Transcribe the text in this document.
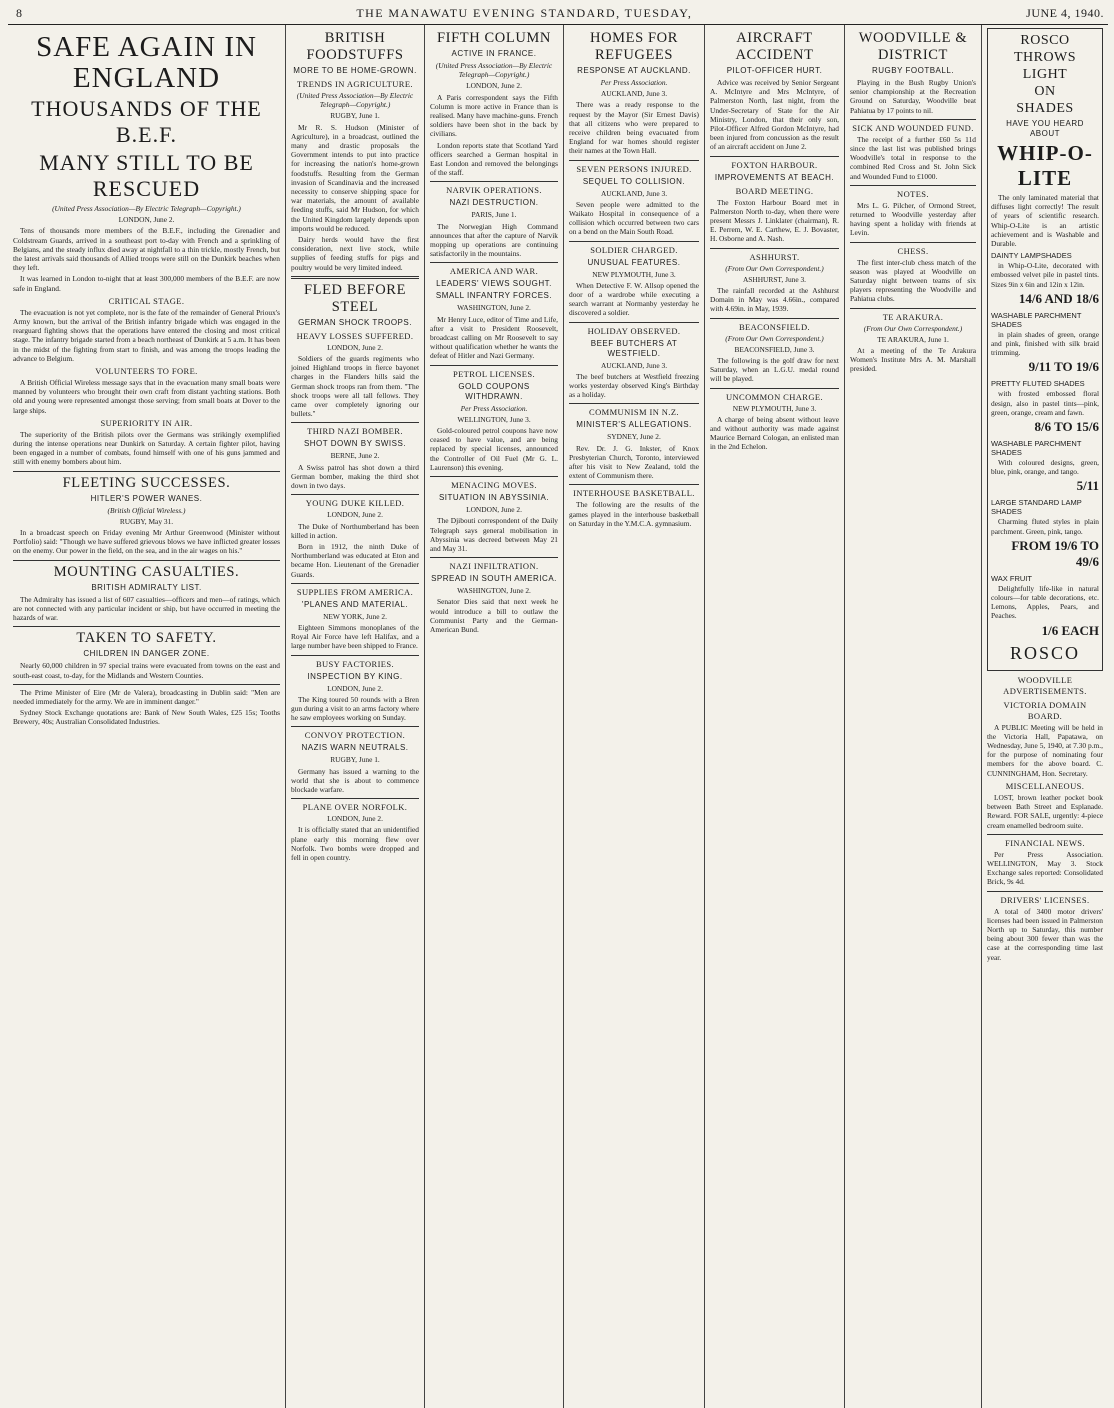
8	THE MANAWATU EVENING STANDARD, TUESDAY,	JUNE 4, 1940.
SAFE AGAIN IN ENGLAND
THOUSANDS OF THE B.E.F.
MANY STILL TO BE RESCUED

(United Press Association—By Electric Telegraph—Copyright.)

LONDON, June 2.

Tens of thousands more members of the B.E.F., including the Grenadier and Coldstream Guards, arrived in a southeast port to-day with French and a sprinkling of Belgians, and the steady influx died away at nightfall to a thin trickle, mostly French, but the latest arrivals said thousands of Allied troops were still on the Dunkirk beaches when they left.

It was learned in London to-night that at least 300,000 members of the B.E.F. are now safe in England.

CRITICAL STAGE.

The evacuation is not yet complete, nor is the fate of the remainder of General Prioux's Army known, but the arrival of the British infantry brigade which was engaged in the rearguard fighting shows that the operations have entered the closing and most critical stage. The infantry brigade started from a beach northeast of Dunkirk at 5 a.m. It has been in the midst of the fighting from start to finish, and was among the troops leading the advance to Belgium.

VOLUNTEERS TO FORE.

A British Official Wireless message says that in the evacuation many small boats were manned by volunteers who brought their own craft from distant yachting stations. Both old and young were represented amongst those serving; from small boats at Dover to the large ships.

SUPERIORITY IN AIR.

The superiority of the British pilots over the Germans was strikingly exemplified during the intense operations near Dunkirk on Saturday. A certain fighter pilot, having been engaged in a number of combats, found himself with one of his guns jammed and still with enemy bombers about him.

FLEETING SUCCESSES.
HITLER'S POWER WANES.

(British Official Wireless.)

RUGBY, May 31.

In a broadcast speech on Friday evening Mr Arthur Greenwood (Minister without Portfolio) said: "Though we have suffered grievous blows we have inflicted greater losses on the enemy. Our power in the field, on the sea, and in the air wages on his."

MOUNTING CASUALTIES.
BRITISH ADMIRALTY LIST.

The Admiralty has issued a list of 607 casualties—officers and men—of ratings, which are not connected with any particular incident or ship, but have occurred in meeting the hazards of war.

TAKEN TO SAFETY.
CHILDREN IN DANGER ZONE.

Nearly 60,000 children in 97 special trains were evacuated from towns on the east and south-east coast, to-day, for the Midlands and Western Counties.

The Prime Minister of Eire (Mr de Valera), broadcasting in Dublin said: "Men are needed immediately for the army. We are in imminent danger."

Sydney Stock Exchange quotations are: Bank of New South Wales, £25 15s; Tooths Brewery, 40s; Australian Consolidated Industries.

BRITISH FOODSTUFFS
MORE TO BE HOME-GROWN.
TRENDS IN AGRICULTURE.

(United Press Association—By Electric Telegraph—Copyright.)

RUGBY, June 1.

Mr R. S. Hudson (Minister of Agriculture), in a broadcast, outlined the many and drastic proposals the Government intends to put into practice for increasing the nation's home-grown foodstuffs. Resulting from the German invasion of Scandinavia and the increased necessity to conserve shipping space for war materials, the amount of available feeding stuffs, said Mr Hudson, for which the United Kingdom largely depends upon imports would be reduced.

Dairy herds would have the first consideration, next live stock, while supplies of feeding stuffs for pigs and poultry would be very limited indeed.

FLED BEFORE STEEL
GERMAN SHOCK TROOPS.
HEAVY LOSSES SUFFERED.

LONDON, June 2.

Soldiers of the guards regiments who joined Highland troops in fierce bayonet charges in the Flanders hills said the German shock troops ran from them. "The shock troops were all tall fellows. They came over completely ignoring our bullets."

THIRD NAZI BOMBER.
SHOT DOWN BY SWISS.

BERNE, June 2.

A Swiss patrol has shot down a third German bomber, making the third shot down in two days.

YOUNG DUKE KILLED.

LONDON, June 2.

The Duke of Northumberland has been killed in action.

Born in 1912, the ninth Duke of Northumberland was educated at Eton and became Hon. Lieutenant of the Grenadier Guards.

SUPPLIES FROM AMERICA.
'PLANES AND MATERIAL.

NEW YORK, June 2.

Eighteen Simmons monoplanes of the Royal Air Force have left Halifax, and a large number have been shipped to France.

BUSY FACTORIES.
INSPECTION BY KING.

LONDON, June 2.

The King toured 50 rounds with a Bren gun during a visit to an arms factory where he saw employees working on Sunday.

CONVOY PROTECTION.
NAZIS WARN NEUTRALS.

RUGBY, June 1.

Germany has issued a warning to the world that she is about to commence blockade warfare.

PLANE OVER NORFOLK.

LONDON, June 2.

It is officially stated that an unidentified plane early this morning flew over Norfolk. Two bombs were dropped and fell in open country.

FIFTH COLUMN
ACTIVE IN FRANCE.

(United Press Association—By Electric Telegraph—Copyright.)

LONDON, June 2.

A Paris correspondent says the Fifth Column is more active in France than is realised. Many have machine-guns. French soldiers have been shot in the back by civilians.

London reports state that Scotland Yard officers searched a German hospital in East London and removed the belongings of the staff.

NARVIK OPERATIONS.
NAZI DESTRUCTION.

PARIS, June 1.

The Norwegian High Command announces that after the capture of Narvik mopping up operations are continuing satisfactorily in the mountains.

AMERICA AND WAR.
LEADERS' VIEWS SOUGHT.
SMALL INFANTRY FORCES.

WASHINGTON, June 2.

Mr Henry Luce, editor of Time and Life, after a visit to President Roosevelt, broadcast calling on Mr Roosevelt to say without qualification whether he wants the defeat of Hitler and Nazi Germany.

PETROL LICENSES.
GOLD COUPONS WITHDRAWN.

Per Press Association.

WELLINGTON, June 3.

Gold-coloured petrol coupons have now ceased to have value, and are being replaced by special licenses, announced the Controller of Oil Fuel (Mr G. L. Laurenson) this evening.

MENACING MOVES.
SITUATION IN ABYSSINIA.

LONDON, June 2.

The Djibouti correspondent of the Daily Telegraph says general mobilisation in Abyssinia was decreed between May 21 and May 31.

NAZI INFILTRATION.
SPREAD IN SOUTH AMERICA.

WASHINGTON, June 2.

Senator Dies said that next week he would introduce a bill to outlaw the Communist Party and the German-American Bund.

HOMES FOR REFUGEES
RESPONSE AT AUCKLAND.

Per Press Association.

AUCKLAND, June 3.

There was a ready response to the request by the Mayor (Sir Ernest Davis) that all citizens who were prepared to receive children being evacuated from England for war homes should register their names at the Town Hall.

SEVEN PERSONS INJURED.
SEQUEL TO COLLISION.

AUCKLAND, June 3.

Seven people were admitted to the Waikato Hospital in consequence of a collision which occurred between two cars on a bend on the Main South Road.

SOLDIER CHARGED.
UNUSUAL FEATURES.

NEW PLYMOUTH, June 3.

When Detective F. W. Allsop opened the door of a wardrobe while executing a search warrant at Normanby yesterday he discovered a soldier.

HOLIDAY OBSERVED.
BEEF BUTCHERS AT WESTFIELD.

AUCKLAND, June 3.

The beef butchers at Westfield freezing works yesterday observed King's Birthday as a holiday.

COMMUNISM IN N.Z.
MINISTER'S ALLEGATIONS.

SYDNEY, June 2.

Rev. Dr. J. G. Inkster, of Knox Presbyterian Church, Toronto, interviewed after his visit to New Zealand, told the extent of Communism there.

INTERHOUSE BASKETBALL.

The following are the results of the games played in the interhouse basketball on Saturday in the Y.M.C.A. gymnasium.

AIRCRAFT ACCIDENT
PILOT-OFFICER HURT.

Advice was received by Senior Sergeant A. McIntyre and Mrs McIntyre, of Palmerston North, last night, from the Under-Secretary of State for the Air Ministry, London, that their only son, Pilot-Officer Alfred Gordon McIntyre, had been injured from concussion as the result of an aircraft accident on June 2.

FOXTON HARBOUR.
IMPROVEMENTS AT BEACH.
BOARD MEETING.

The Foxton Harbour Board met in Palmerston North to-day, when there were present Messrs J. Linklater (chairman), R. E. Perrem, W. E. Carthew, E. J. Bovaster, H. Osborne and A. Nash.

ASHHURST.

(From Our Own Correspondent.)

ASHHURST, June 3.

The rainfall recorded at the Ashhurst Domain in May was 4.66in., compared with 4.69in. in May, 1939.

BEACONSFIELD.

(From Our Own Correspondent.)

BEACONSFIELD, June 3.

The following is the golf draw for next Saturday, when an L.G.U. medal round will be played.

UNCOMMON CHARGE.

NEW PLYMOUTH, June 3.

A charge of being absent without leave and without authority was made against Maurice Bernard Cologan, an enlisted man in the 2nd Echelon.

WOODVILLE & DISTRICT
RUGBY FOOTBALL.

Playing in the Bush Rugby Union's senior championship at the Recreation Ground on Saturday, Woodville beat Pahiatua by 17 points to nil.

SICK AND WOUNDED FUND.

The receipt of a further £60 5s 11d since the last list was published brings Woodville's total in response to the combined Red Cross and St. John Sick and Wounded Fund to £1000.

NOTES.

Mrs L. G. Pilcher, of Ormond Street, returned to Woodville yesterday after having spent a holiday with friends at Levin.

CHESS.

The first inter-club chess match of the season was played at Woodville on Saturday night between teams of six players representing the Woodville and Pahiatua clubs.

TE ARAKURA.

(From Our Own Correspondent.)

TE ARAKURA, June 1.

At a meeting of the Te Arakura Women's Institute Mrs A. M. Marshall presided.

ROSCO THROWS
LIGHT
ON
SHADES
HAVE YOU HEARD ABOUT
WHIP-O-LITE

The only laminated material that diffuses light correctly! The result of years of scientific research. Whip-O-Lite is an artistic achievement and is Washable and Durable.

DAINTY LAMPSHADES

in Whip-O-Lite, decorated with embossed velvet pile in pastel tints. Sizes 9in x 6in and 12in x 12in.

14/6 AND 18/6
WASHABLE PARCHMENT SHADES

in plain shades of green, orange and pink, finished with silk braid trimming.

9/11 TO 19/6
PRETTY FLUTED SHADES

with frosted embossed floral design, also in pastel tints—pink, green, orange, cream and fawn.

8/6 TO 15/6
WASHABLE PARCHMENT SHADES

With coloured designs, green, blue, pink, orange, and tango.

5/11
LARGE STANDARD LAMP SHADES

Charming fluted styles in plain parchment. Green, pink, tango.

FROM 19/6 TO 49/6
WAX FRUIT

Delightfully life-like in natural colours—for table decorations, etc. Lemons, Apples, Pears, and Peaches.

1/6 EACH
ROSCO
WOODVILLE ADVERTISEMENTS.
VICTORIA DOMAIN BOARD.

A PUBLIC Meeting will be held in the Victoria Hall, Papatawa, on Wednesday, June 5, 1940, at 7.30 p.m., for the purpose of nominating four members for the above board. C. CUNNINGHAM, Hon. Secretary.

MISCELLANEOUS.

LOST, brown leather pocket book between Bath Street and Esplanade. Reward. FOR SALE, urgently: 4-piece cream enamelled bedroom suite.

FINANCIAL NEWS.

Per Press Association. WELLINGTON, May 3. Stock Exchange sales reported: Consolidated Brick, 9s 4d.

DRIVERS' LICENSES.

A total of 3400 motor drivers' licenses had been issued in Palmerston North up to Saturday, this number being about 300 fewer than was the case at the corresponding time last year.
